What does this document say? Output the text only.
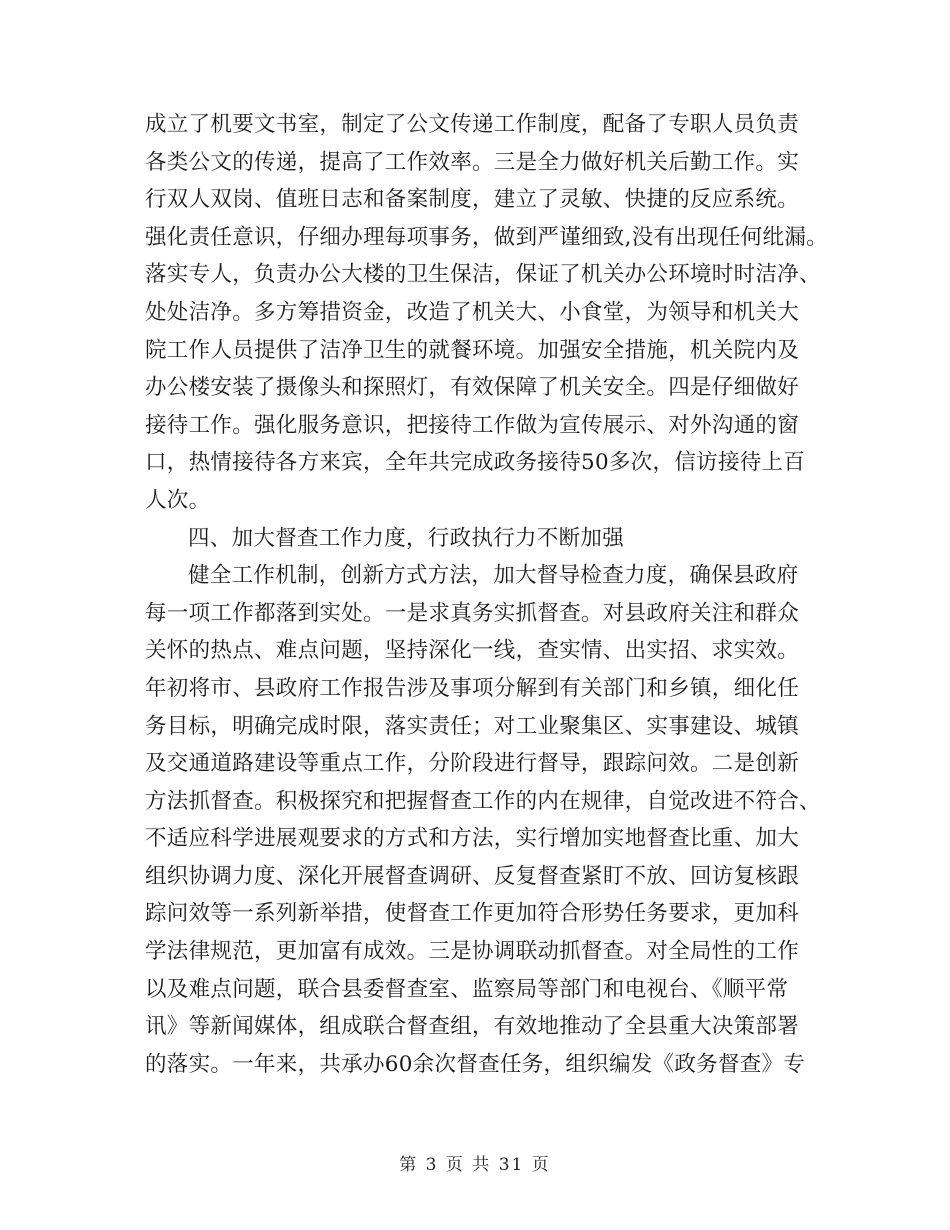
成立了机要文书室，制定了公文传递工作制度，配备了专职人员负责
各类公文的传递，提高了工作效率。三是全力做好机关后勤工作。实
行双人双岗、值班日志和备案制度，建立了灵敏、快捷的反应系统。
强化责任意识，仔细办理每项事务，做到严谨细致,没有出现任何纰漏。
落实专人，负责办公大楼的卫生保洁，保证了机关办公环境时时洁净、
处处洁净。多方筹措资金，改造了机关大、小食堂，为领导和机关大
院工作人员提供了洁净卫生的就餐环境。加强安全措施，机关院内及
办公楼安装了摄像头和探照灯，有效保障了机关安全。四是仔细做好
接待工作。强化服务意识，把接待工作做为宣传展示、对外沟通的窗
口，热情接待各方来宾，全年共完成政务接待50多次，信访接待上百
人次。
四、加大督查工作力度，行政执行力不断加强
健全工作机制，创新方式方法，加大督导检查力度，确保县政府
每一项工作都落到实处。一是求真务实抓督查。对县政府关注和群众
关怀的热点、难点问题，坚持深化一线，查实情、出实招、求实效。
年初将市、县政府工作报告涉及事项分解到有关部门和乡镇，细化任
务目标，明确完成时限，落实责任；对工业聚集区、实事建设、城镇
及交通道路建设等重点工作，分阶段进行督导，跟踪问效。二是创新
方法抓督查。积极探究和把握督查工作的内在规律，自觉改进不符合、
不适应科学进展观要求的方式和方法，实行增加实地督查比重、加大
组织协调力度、深化开展督查调研、反复督查紧盯不放、回访复核跟
踪问效等一系列新举措，使督查工作更加符合形势任务要求，更加科
学法律规范，更加富有成效。三是协调联动抓督查。对全局性的工作
以及难点问题，联合县委督查室、监察局等部门和电视台、《顺平常
讯》等新闻媒体，组成联合督查组，有效地推动了全县重大决策部署
的落实。一年来，共承办60余次督查任务，组织编发《政务督查》专
第 3 页 共 31 页
